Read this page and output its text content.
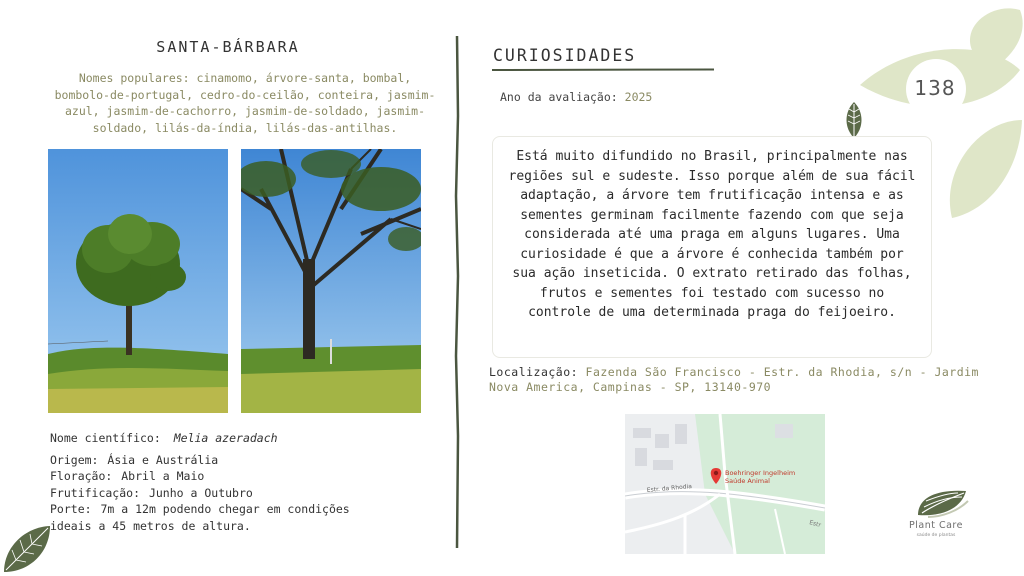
138
SANTA-BÁRBARA
Nomes populares: cinamomo, árvore-santa, bombal, bombolo-de-portugal, cedro-do-ceilão, conteira, jasmim-azul, jasmim-de-cachorro, jasmim-de-soldado, jasmim-soldado, lilás-da-índia, lilás-das-antilhas.
Nome científico: Melia azeradach
Origem: Ásia e Austrália
Floração: Abril a Maio
Frutificação: Junho a Outubro
Porte: 7m a 12m podendo chegar em condições ideais a 45 metros de altura.
CURIOSIDADES
Ano da avaliação: 2025

Está muito difundido no Brasil, principalmente nas regiões sul e sudeste. Isso porque além de sua fácil adaptação, a árvore tem frutificação intensa e as sementes germinam facilmente fazendo com que seja considerada até uma praga em alguns lugares. Uma curiosidade é que a árvore é conhecida também por sua ação inseticida. O extrato retirado das folhas, frutos e sementes foi testado com sucesso no controle de uma determinada praga do feijoeiro.

Localização: Fazenda São Francisco - Estr. da Rhodia, s/n - Jardim Nova America, Campinas - SP, 13140-970
Boehringer Ingelheim
Saúde Animal
Estr. da Rhodia
Estr	Plant Care
saúde de plantas
